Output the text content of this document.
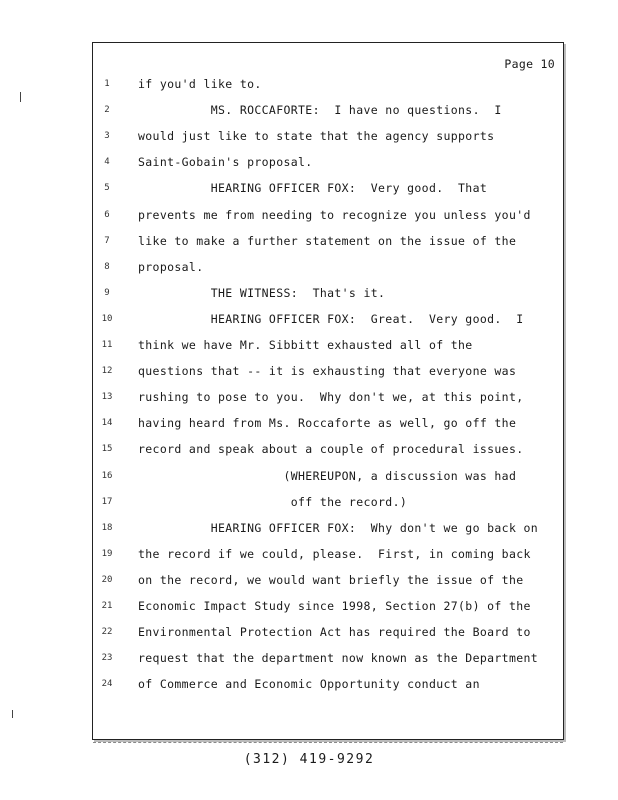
Page 10
1	if you'd like to.
2	MS. ROCCAFORTE:  I have no questions.  I
3	would just like to state that the agency supports
4	Saint-Gobain's proposal.
5	HEARING OFFICER FOX:  Very good.  That
6	prevents me from needing to recognize you unless you'd
7	like to make a further statement on the issue of the
8	proposal.
9	THE WITNESS:  That's it.
10	HEARING OFFICER FOX:  Great.  Very good.  I
11	think we have Mr. Sibbitt exhausted all of the
12	questions that -- it is exhausting that everyone was
13	rushing to pose to you.  Why don't we, at this point,
14	having heard from Ms. Roccaforte as well, go off the
15	record and speak about a couple of procedural issues.
16	(WHEREUPON, a discussion was had
17	off the record.)
18	HEARING OFFICER FOX:  Why don't we go back on
19	the record if we could, please.  First, in coming back
20	on the record, we would want briefly the issue of the
21	Economic Impact Study since 1998, Section 27(b) of the
22	Environmental Protection Act has required the Board to
23	request that the department now known as the Department
24	of Commerce and Economic Opportunity conduct an
(312) 419-9292
